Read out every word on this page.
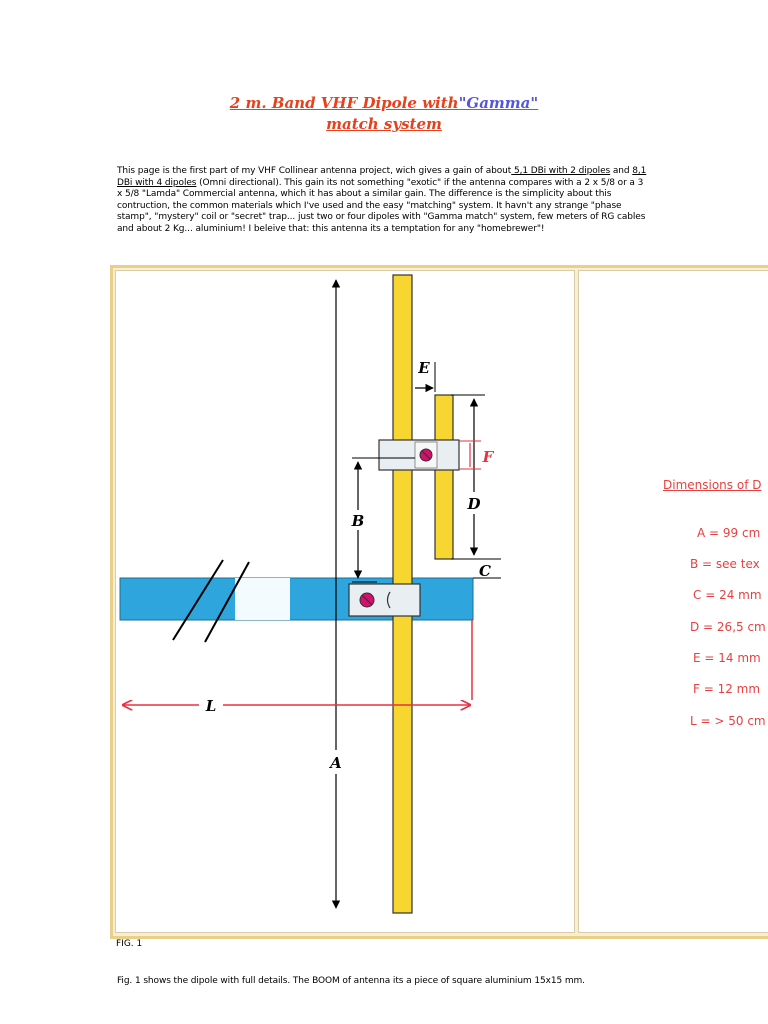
2 m. Band VHF Dipole with"Gamma"
match system

This page is the first part of my VHF Collinear antenna project, wich gives a gain of about 5,1 DBi with 2 dipoles and 8,1 DBi with 4 dipoles (Omni directional). This gain its not something "exotic" if the antenna compares with a 2 x 5/8 or a 3 x 5/8 "Lamda" Commercial antenna, which it has about a similar gain. The difference is the simplicity about this contruction, the common materials which I've used and the easy "matching" system. It havn't any strange "phase stamp", "mystery" coil or "secret" trap... just two or four dipoles with "Gamma match" system, few meters of RG cables and about 2 Kg... aluminium! I beleive that: this antenna its a temptation for any "homebrewer"!

A
B
C
D
E
F
L

Dimensions of D

A = 99 cm

B = see tex

C = 24 mm

D = 26,5 cm

E = 14 mm

F = 12 mm

L = > 50 cm

FIG. 1

Fig. 1 shows the dipole with full details. The BOOM of antenna its a piece of square aluminium 15x15 mm.
